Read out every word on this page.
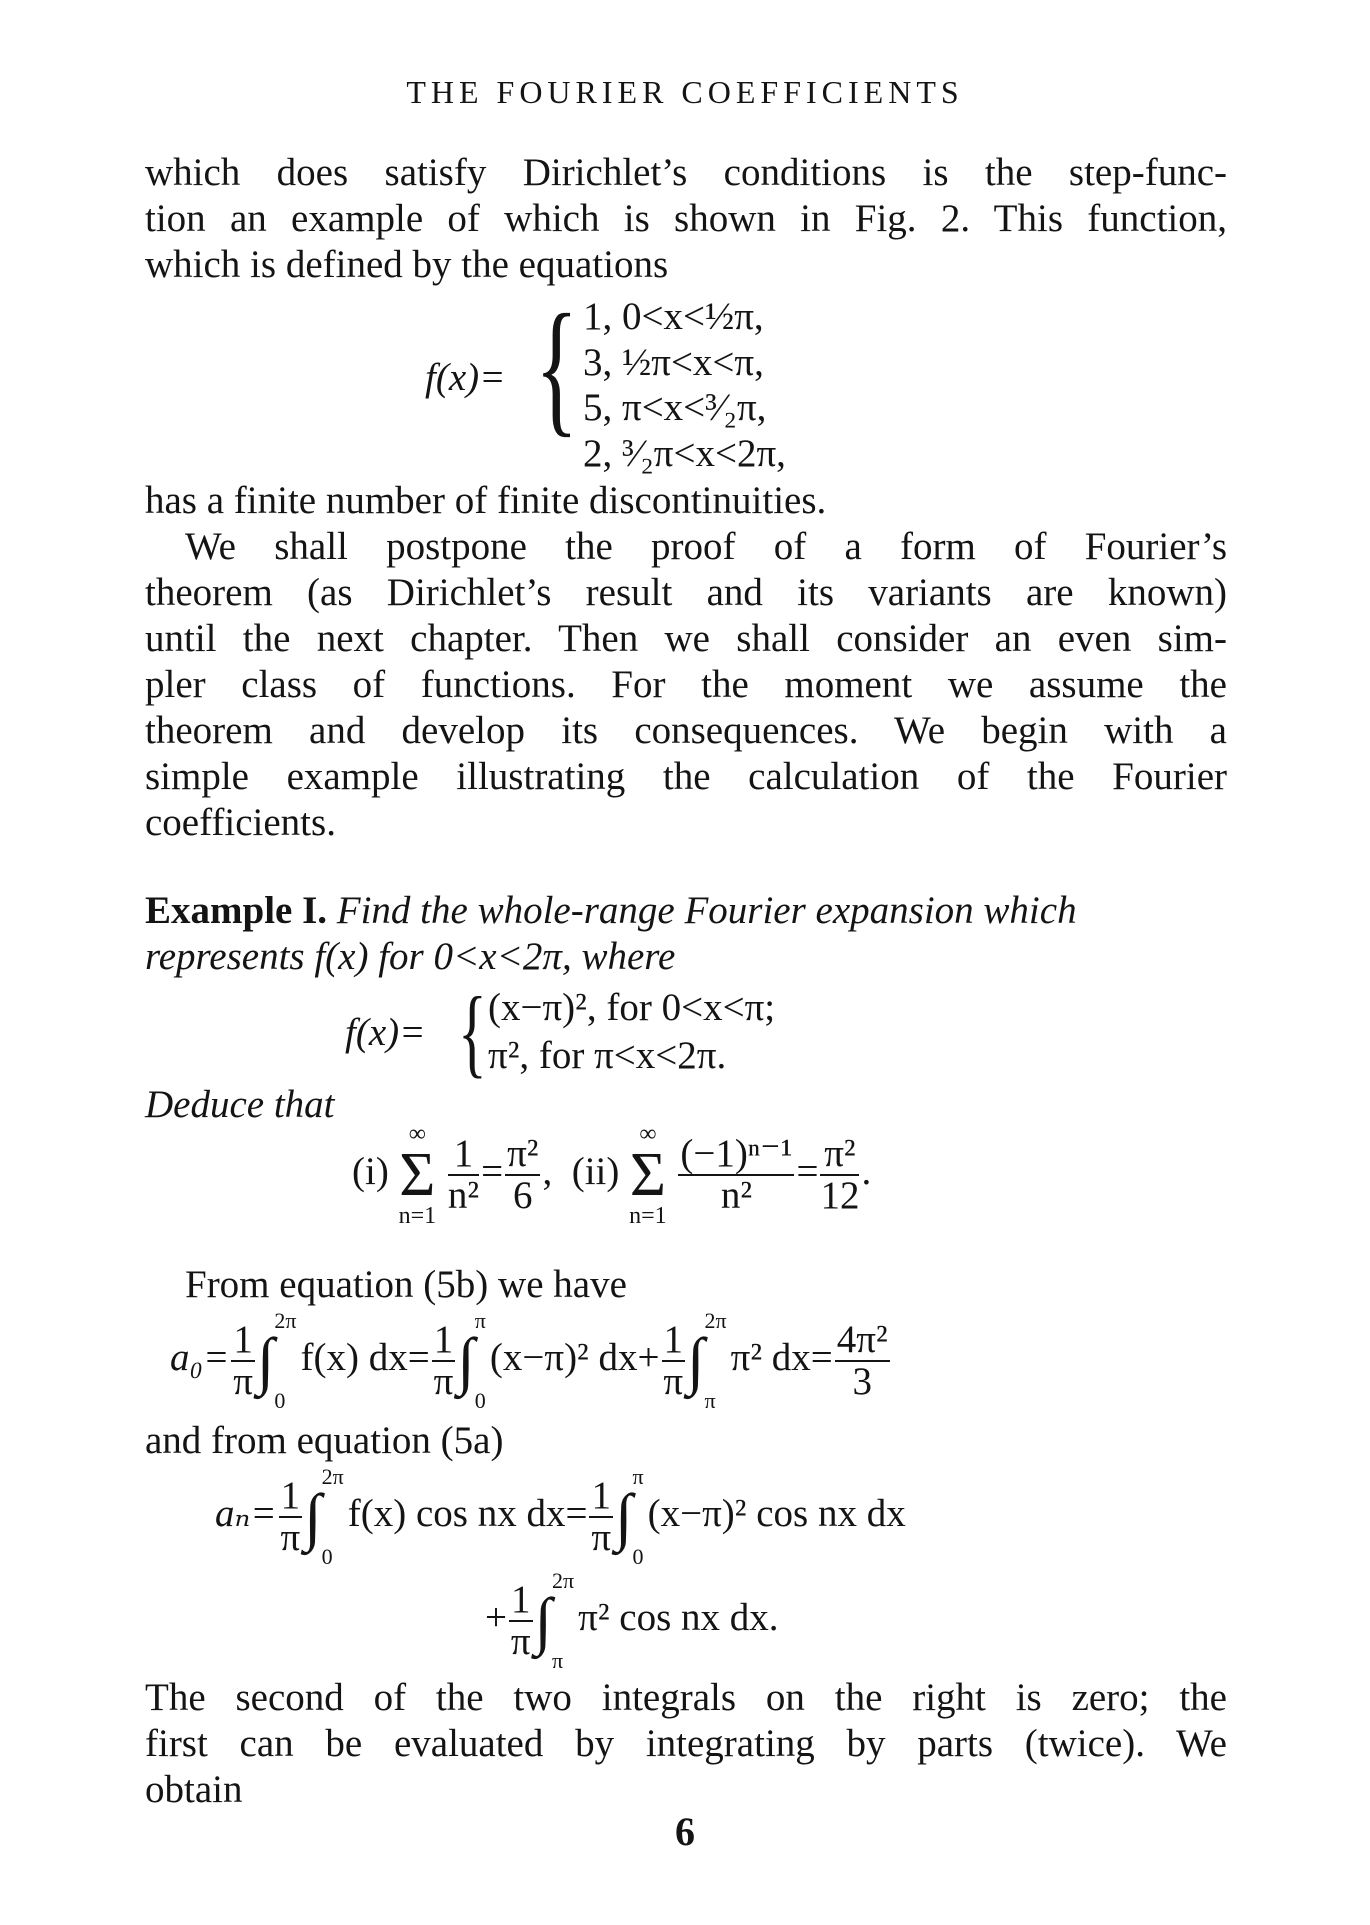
THE FOURIER COEFFICIENTS
which does satisfy Dirichlet’s conditions is the step-func-
tion an example of which is shown in Fig. 2. This function,
which is defined by the equations
f(x)= { 1, 0<x<½π,
3, ½π<x<π,
5, π<x<³⁄₂π,
2, ³⁄₂π<x<2π,
has a finite number of finite discontinuities.
We shall postpone the proof of a form of Fourier’s
theorem (as Dirichlet’s result and its variants are known)
until the next chapter. Then we shall consider an even sim-
pler class of functions. For the moment we assume the
theorem and develop its consequences. We begin with a
simple example illustrating the calculation of the Fourier
coefficients.
Example I. Find the whole-range Fourier expansion which
represents f(x) for 0<x<2π, where
f(x)= { (x−π)², for 0<x<π;
π², for π<x<2π.
Deduce that
(i)
∞
Σ
n=1
$\frac{1}{\text{n²}} = \frac{\text{π²}}{6}$ ,  (ii)
∞
Σ
n=1
$\frac{\text{(−1)ⁿ⁻¹}}{\text{n²}} = \frac{\text{π²}}{12}$ .
From equation (5b) we have
$a_0= \frac{1}{\pi}$ ∫
2π
0
f(x) $dx= \frac{1}{\pi}$ ∫
π
0
(x−π)² $dx+ \frac{1}{\pi}$ ∫
2π
π
π² $dx= \frac{\text{4π²}}{3}$
and from equation (5a)
$a_n= \frac{1}{\pi}$ ∫
2π
0
f(x) cos nx $dx= \frac{1}{\pi}$ ∫
π
0
(x−π)² cos nx dx
+ $\frac{1}{\pi}$ ∫
2π
π
π² cos nx dx.
The second of the two integrals on the right is zero; the
first can be evaluated by integrating by parts (twice). We
obtain
6
